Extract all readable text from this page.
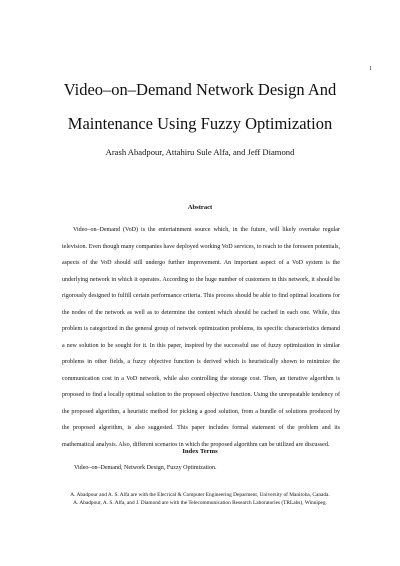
1
Video–on–Demand Network Design And
Maintenance Using Fuzzy Optimization
Arash Abadpour, Attahiru Sule Alfa, and Jeff Diamond
Abstract

Video–on–Demand (VoD) is the entertainment source which, in the future, will likely overtake regular television. Even though many companies have deployed working VoD services, to reach to the foreseen potentials, aspects of the VoD should still undergo further improvement. An important aspect of a VoD system is the underlying network in which it operates. According to the huge number of customers in this network, it should be rigorously designed to fulfill certain performance criteria. This process should be able to find optimal locations for the nodes of the network as well as to determine the content which should be cached in each one. While, this problem is categorized in the general group of network optimization problems, its specific characteristics demand a new solution to be sought for it. In this paper, inspired by the successful use of fuzzy optimization in similar problems in other fields, a fuzzy objective function is derived which is heuristically shown to minimize the communication cost in a VoD network, while also controlling the storage cost. Then, an iterative algorithm is proposed to find a locally optimal solution to the proposed objective function. Using the unrepeatable tendency of the proposed algorithm, a heuristic method for picking a good solution, from a bundle of solutions produced by the proposed algorithm, is also suggested. This paper includes formal statement of the problem and its mathematical analysis. Also, different scenarios in which the proposed algorithm can be utilized are discussed.

Index Terms
Video–on–Demand, Network Design, Fuzzy Optimization.
A. Abadpour and A. S. Alfa are with the Elecrical & Computer Engineering Deparment, University of Manitoba, Canada.
A. Abadpour, A. S. Alfa, and J. Diamond are with the Telecommunication Research Laboratories (TRLabs), Winnipeg.
